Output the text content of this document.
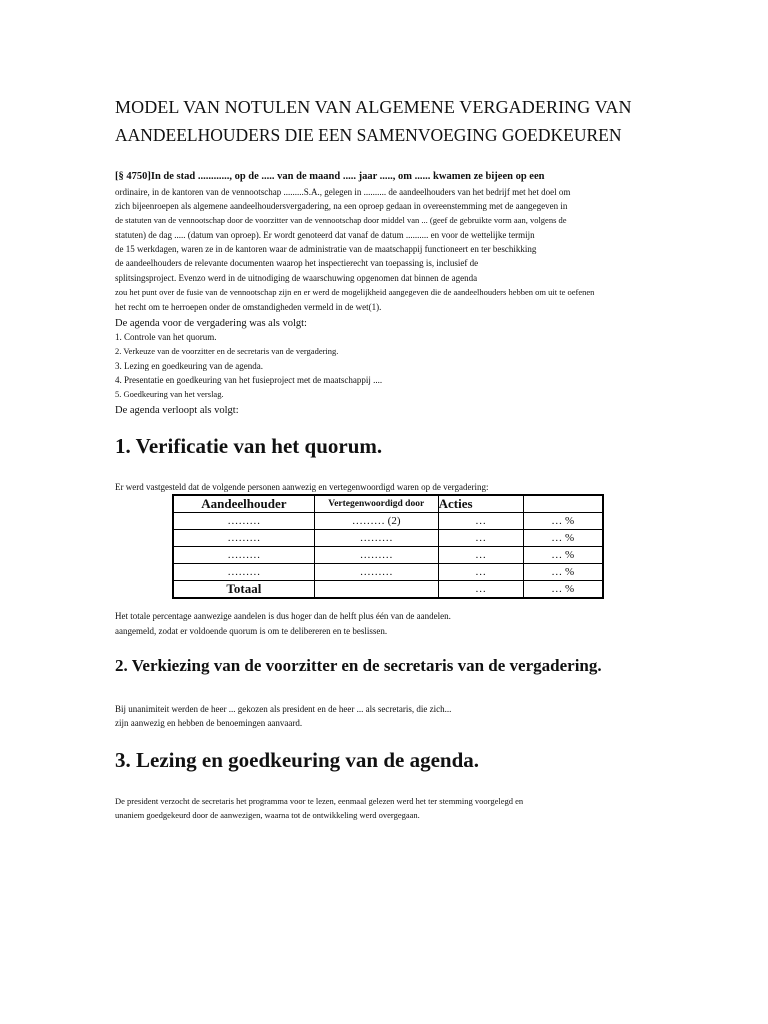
MODEL VAN NOTULEN VAN ALGEMENE VERGADERING VAN
AANDEELHOUDERS DIE EEN SAMENVOEGING GOEDKEUREN
[§ 4750]In de stad ............, op de ..... van de maand ..... jaar ....., om ...... kwamen ze bijeen op een
ordinaire, in de kantoren van de vennootschap .........S.A., gelegen in .......... de aandeelhouders van het bedrijf met het doel om
zich bijeenroepen als algemene aandeelhoudersvergadering, na een oproep gedaan in overeenstemming met de aangegeven in
de statuten van de vennootschap door de voorzitter van de vennootschap door middel van ... (geef de gebruikte vorm aan, volgens de
statuten) de dag ..... (datum van oproep). Er wordt genoteerd dat vanaf de datum .......... en voor de wettelijke termijn
de 15 werkdagen, waren ze in de kantoren waar de administratie van de maatschappij functioneert en ter beschikking
de aandeelhouders de relevante documenten waarop het inspectierecht van toepassing is, inclusief de
splitsingsproject. Evenzo werd in de uitnodiging de waarschuwing opgenomen dat binnen de agenda
zou het punt over de fusie van de vennootschap zijn en er werd de mogelijkheid aangegeven die de aandeelhouders hebben om uit te oefenen
het recht om te herroepen onder de omstandigheden vermeld in de wet(1).
De agenda voor de vergadering was als volgt:
1. Controle van het quorum.
2. Verkeuze van de voorzitter en de secretaris van de vergadering.
3. Lezing en goedkeuring van de agenda.
4. Presentatie en goedkeuring van het fusieproject met de maatschappij ....
5. Goedkeuring van het verslag.
De agenda verloopt als volgt:
1. Verificatie van het quorum.
Er werd vastgesteld dat de volgende personen aanwezig en vertegenwoordigd waren op de vergadering:
Aandeelhouder	Vertegenwoordigd door	Acties	
………	……… (2)	…	… %
………	………	…	… %
………	………	…	… %
………	………	…	… %
Totaal		…	… %
Het totale percentage aanwezige aandelen is dus hoger dan de helft plus één van de aandelen.
aangemeld, zodat er voldoende quorum is om te delibereren en te beslissen.
2. Verkiezing van de voorzitter en de secretaris van de vergadering.
Bij unanimiteit werden de heer ... gekozen als president en de heer ... als secretaris, die zich...
zijn aanwezig en hebben de benoemingen aanvaard.
3. Lezing en goedkeuring van de agenda.
De president verzocht de secretaris het programma voor te lezen, eenmaal gelezen werd het ter stemming voorgelegd en
unaniem goedgekeurd door de aanwezigen, waarna tot de ontwikkeling werd overgegaan.
